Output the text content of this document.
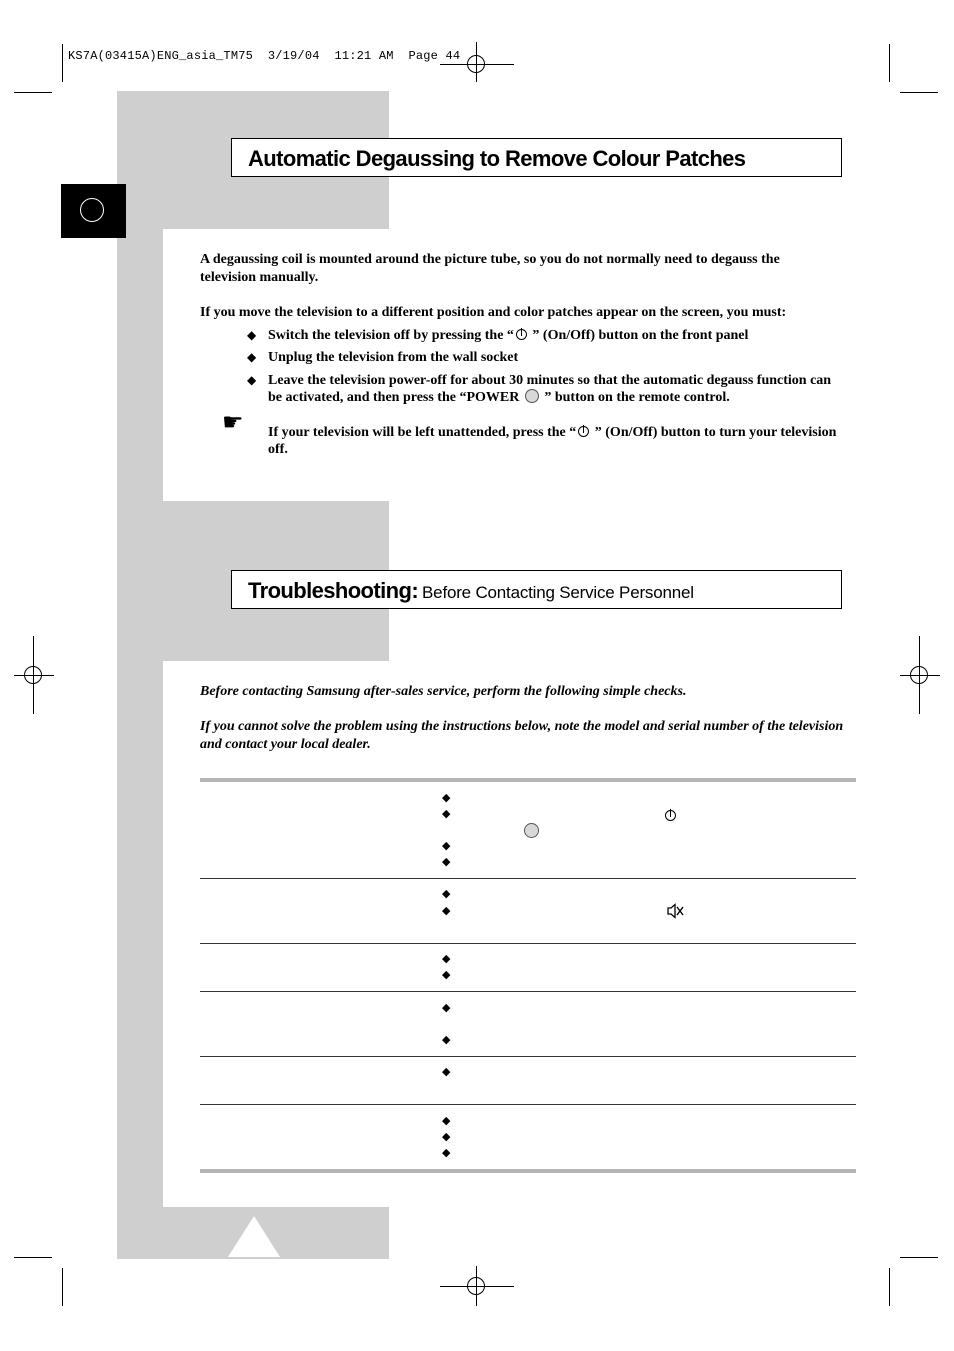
KS7A(03415A)ENG_asia_TM75  3/19/04  11:21 AM  Page 44
Automatic Degaussing to Remove Colour Patches
A degaussing coil is mounted around the picture tube, so you do not normally need to degauss the television manually.
If you move the television to a different position and color patches appear on the screen, you must:
◆ Switch the television off by pressing the “ ” (On/Off) button on the front panel
◆ Unplug the television from the wall socket
◆ Leave the television power-off for about 30 minutes so that the automatic degauss function can be activated, and then press the “POWER  ” button on the remote control.
☛ If your television will be left unattended, press the “ ” (On/Off) button to turn your television off.
Troubleshooting: Before Contacting Service Personnel
Before contacting Samsung after-sales service, perform the following simple checks.
If you cannot solve the problem using the instructions below, note the model and serial number of the television and contact your local dealer.
◆
◆
◆
◆
◆
◆
◆
◆
◆
◆
◆
◆
◆
◆
